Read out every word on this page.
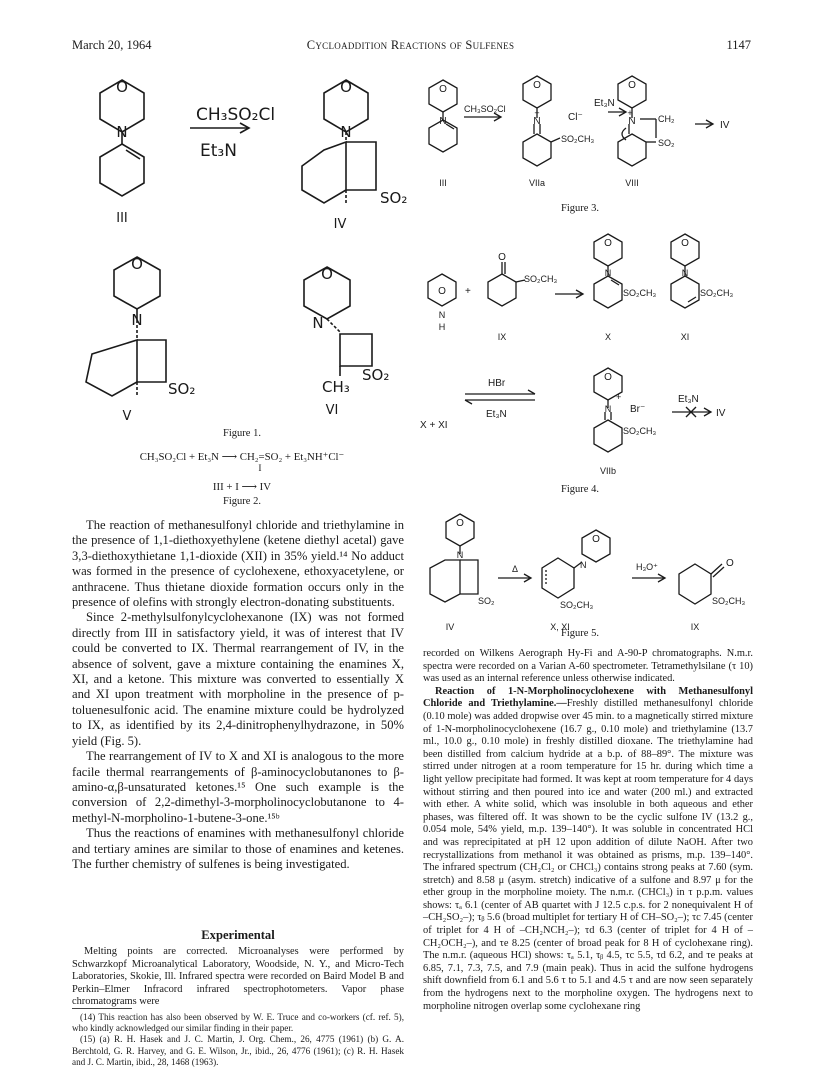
March 20, 1964	Cycloaddition Reactions of Sulfenes	1147
O
N
CH₃SO₂Cl
Et₃N
O
N
SO₂
O
N
SO₂
O
N
SO₂
CH₃
III	IV
V	VI
Figure 1.
CH₃SO₂Cl + Et₃N ⟶ CH₂=SO₂ + Et₃NH⁺Cl⁻
I
III + I ⟶ IV
Figure 2.
O
N
CH₃SO₂Cl
O
+
N
SO₂CH₃
Cl⁻
Et₃N
O
+
N CH₂
SO₂
IV
III	VIIa	VIII
Figure 3.
O +
N
H
O
SO₂CH₃
O
N
SO₂CH₃
O
N
SO₂CH₃
IX	X	XI
X + XI
HBr
Et₃N
O
+
N
SO₂CH₃
Br⁻
Et₃N
IV
VIIb
Figure 4.
O
N
SO₂
Δ
O
N
SO₂CH₃
H₃O⁺	O
SO₂CH₃
IV	X, XI	IX
Figure 5.

The reaction of methanesulfonyl chloride and triethylamine in the presence of 1,1-diethoxyethylene (ketene diethyl acetal) gave 3,3-diethoxythietane 1,1-dioxide (XII) in 35% yield.¹⁴ No adduct was formed in the presence of cyclohexene, ethoxyacetylene, or anthracene. Thus thietane dioxide formation occurs only in the presence of olefins with strongly electron-donating substituents.

Since 2-methylsulfonylcyclohexanone (IX) was not formed directly from III in satisfactory yield, it was of interest that IV could be converted to IX. Thermal rearrangement of IV, in the absence of solvent, gave a mixture containing the enamines X, XI, and a ketone. This mixture was converted to essentially X and XI upon treatment with morpholine in the presence of p-toluenesulfonic acid. The enamine mixture could be hydrolyzed to IX, as identified by its 2,4-dinitrophenylhydrazone, in 50% yield (Fig. 5).

The rearrangement of IV to X and XI is analogous to the more facile thermal rearrangements of β-aminocyclobutanones to β-amino-α,β-unsaturated ketones.¹⁵ One such example is the conversion of 2,2-dimethyl-3-morpholinocyclobutanone to 4-methyl-N-morpholino-1-butene-3-one.¹⁵ᵇ

Thus the reactions of enamines with methanesulfonyl chloride and tertiary amines are similar to those of enamines and ketenes. The further chemistry of sulfenes is being investigated.

Experimental

Melting points are corrected. Microanalyses were performed by Schwarzkopf Microanalytical Laboratory, Woodside, N. Y., and Micro-Tech Laboratories, Skokie, Ill. Infrared spectra were recorded on Baird Model B and Perkin–Elmer Infracord infrared spectrophotometers. Vapor phase chromatograms were

(14) This reaction has also been observed by W. E. Truce and co-workers (cf. ref. 5), who kindly acknowledged our similar finding in their paper.

(15) (a) R. H. Hasek and J. C. Martin, J. Org. Chem., 26, 4775 (1961) (b) G. A. Berchtold, G. R. Harvey, and G. E. Wilson, Jr., ibid., 26, 4776 (1961); (c) R. H. Hasek and J. C. Martin, ibid., 28, 1468 (1963).

recorded on Wilkens Aerograph Hy-Fi and A-90-P chromatographs. N.m.r. spectra were recorded on a Varian A-60 spectrometer. Tetramethylsilane (τ 10) was used as an internal reference unless otherwise indicated.

Reaction of 1-N-Morpholinocyclohexene with Methanesulfonyl Chloride and Triethylamine.—Freshly distilled methanesulfonyl chloride (0.10 mole) was added dropwise over 45 min. to a magnetically stirred mixture of 1-N-morpholinocyclohexene (16.7 g., 0.10 mole) and triethylamine (13.7 ml., 10.0 g., 0.10 mole) in freshly distilled dioxane. The triethylamine had been distilled from calcium hydride at a b.p. of 88–89°. The mixture was stirred under nitrogen at a room temperature for 15 hr. during which time a light yellow precipitate had formed. It was kept at room temperature for 4 days without stirring and then poured into ice and water (200 ml.) and extracted with ether. A white solid, which was insoluble in both aqueous and ether phases, was filtered off. It was shown to be the cyclic sulfone IV (13.2 g., 0.054 mole, 54% yield, m.p. 139–140°). It was soluble in concentrated HCl and was reprecipitated at pH 12 upon addition of dilute NaOH. After two recrystallizations from methanol it was obtained as prisms, m.p. 139–140°. The infrared spectrum (CH₂Cl₂ or CHCl₃) contains strong peaks at 7.60 (sym. stretch) and 8.58 μ (asym. stretch) indicative of a sulfone and 8.97 μ for the ether group in the morpholine moiety. The n.m.r. (CHCl₃) in τ p.p.m. values shows: τₐ 6.1 (center of AB quartet with J 12.5 c.p.s. for 2 nonequivalent H of –CH₂SO₂–); τᵦ 5.6 (broad multiplet for tertiary H of CH–SO₂–); τc 7.45 (center of triplet for 4 H of –CH₂NCH₂–); τd 6.3 (center of triplet for 4 H of –CH₂OCH₂–), and τe 8.25 (center of broad peak for 8 H of cyclohexane ring). The n.m.r. (aqueous HCl) shows: τₐ 5.1, τᵦ 4.5, τc 5.5, τd 6.2, and τe peaks at 6.85, 7.1, 7.3, 7.5, and 7.9 (main peak). Thus in acid the sulfone hydrogens shift downfield from 6.1 and 5.6 τ to 5.1 and 4.5 τ and are now seen separately from the hydrogens next to the morpholine oxygen. The hydrogens next to morpholine nitrogen overlap some cyclohexane ring
